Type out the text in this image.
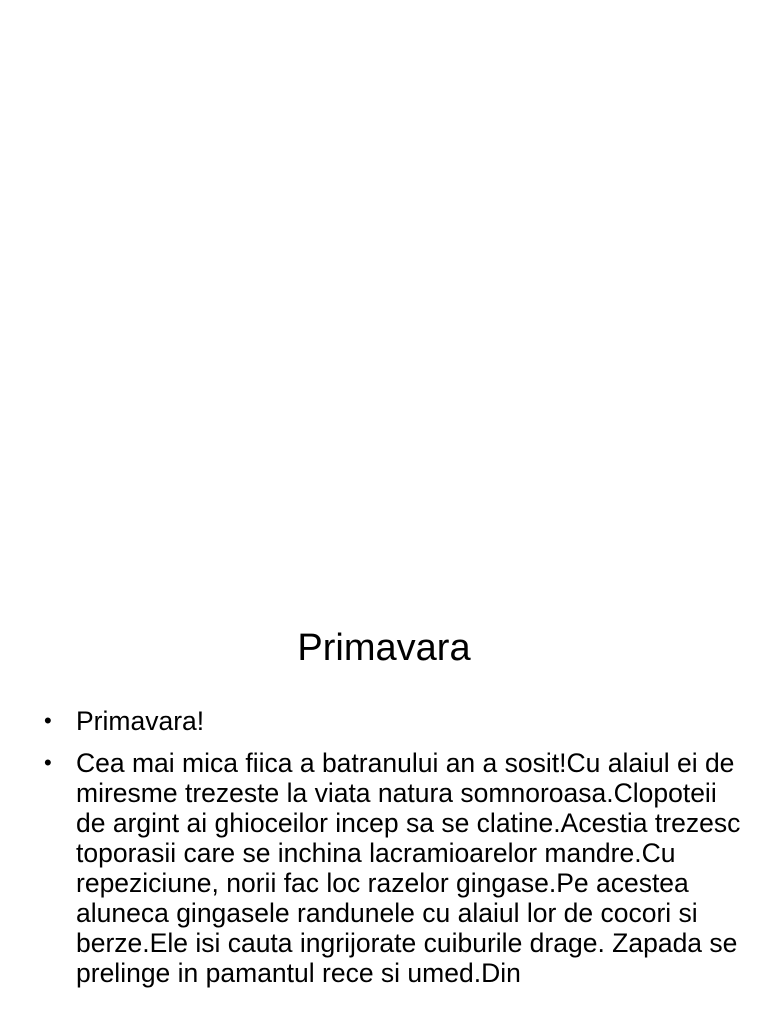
Primavara
• Primavara!
• Cea mai mica fiica a batranului an a sosit!Cu alaiul ei de miresme trezeste la viata natura somnoroasa.Clopoteii de argint ai ghioceilor incep sa se clatine.Acestia trezesc toporasii care se inchina lacramioarelor mandre.Cu repeziciune, norii fac loc razelor gingase.Pe acestea aluneca gingasele randunele cu alaiul lor de cocori si berze.Ele isi cauta ingrijorate cuiburile drage. Zapada se prelinge in pamantul rece si umed.Din
